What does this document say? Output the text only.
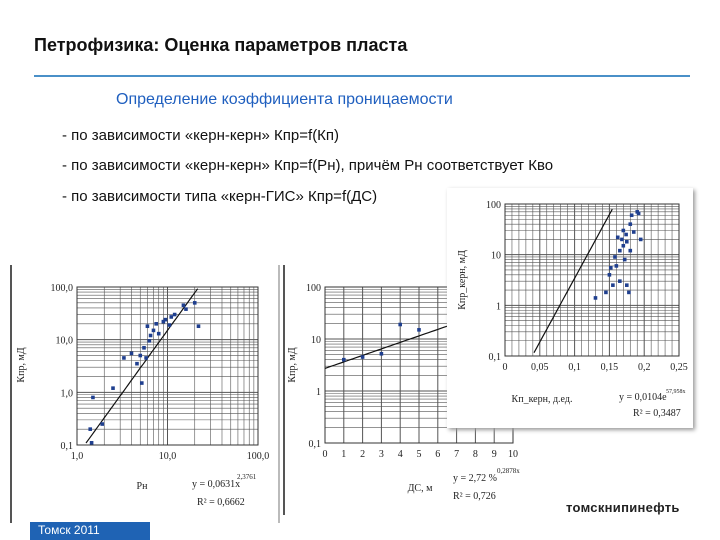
Петрофизика: Оценка параметров пласта
Определение коэффициента проницаемости
- по зависимости «керн-керн» Кпр=f(Кп)
- по зависимости «керн-керн» Кпр=f(Рн), причём Рн соответствует Кво
- по зависимости типа «керн-ГИС» Кпр=f(ДС)
0,1
1,0
10,0
100,0
1,0	10,0	100,0
Кпр, мД
Рн	y = 0,0631x
2,3761
R² = 0,6662
0,1
1
10
100
0 1 2 3 4 5 6 7 8 9 10
Кпр, мД
ДС, м
y = 2,72 %
0,2878x
R² = 0,726
0,1
1
10
100
0 0,05 0,1 0,15 0,2 0,25
Кпр_керн, мД
Кп_керн, д.ед.	y = 0,0104e 57,958x
R² = 0,3487
томскнипинефть
Томск 2011
